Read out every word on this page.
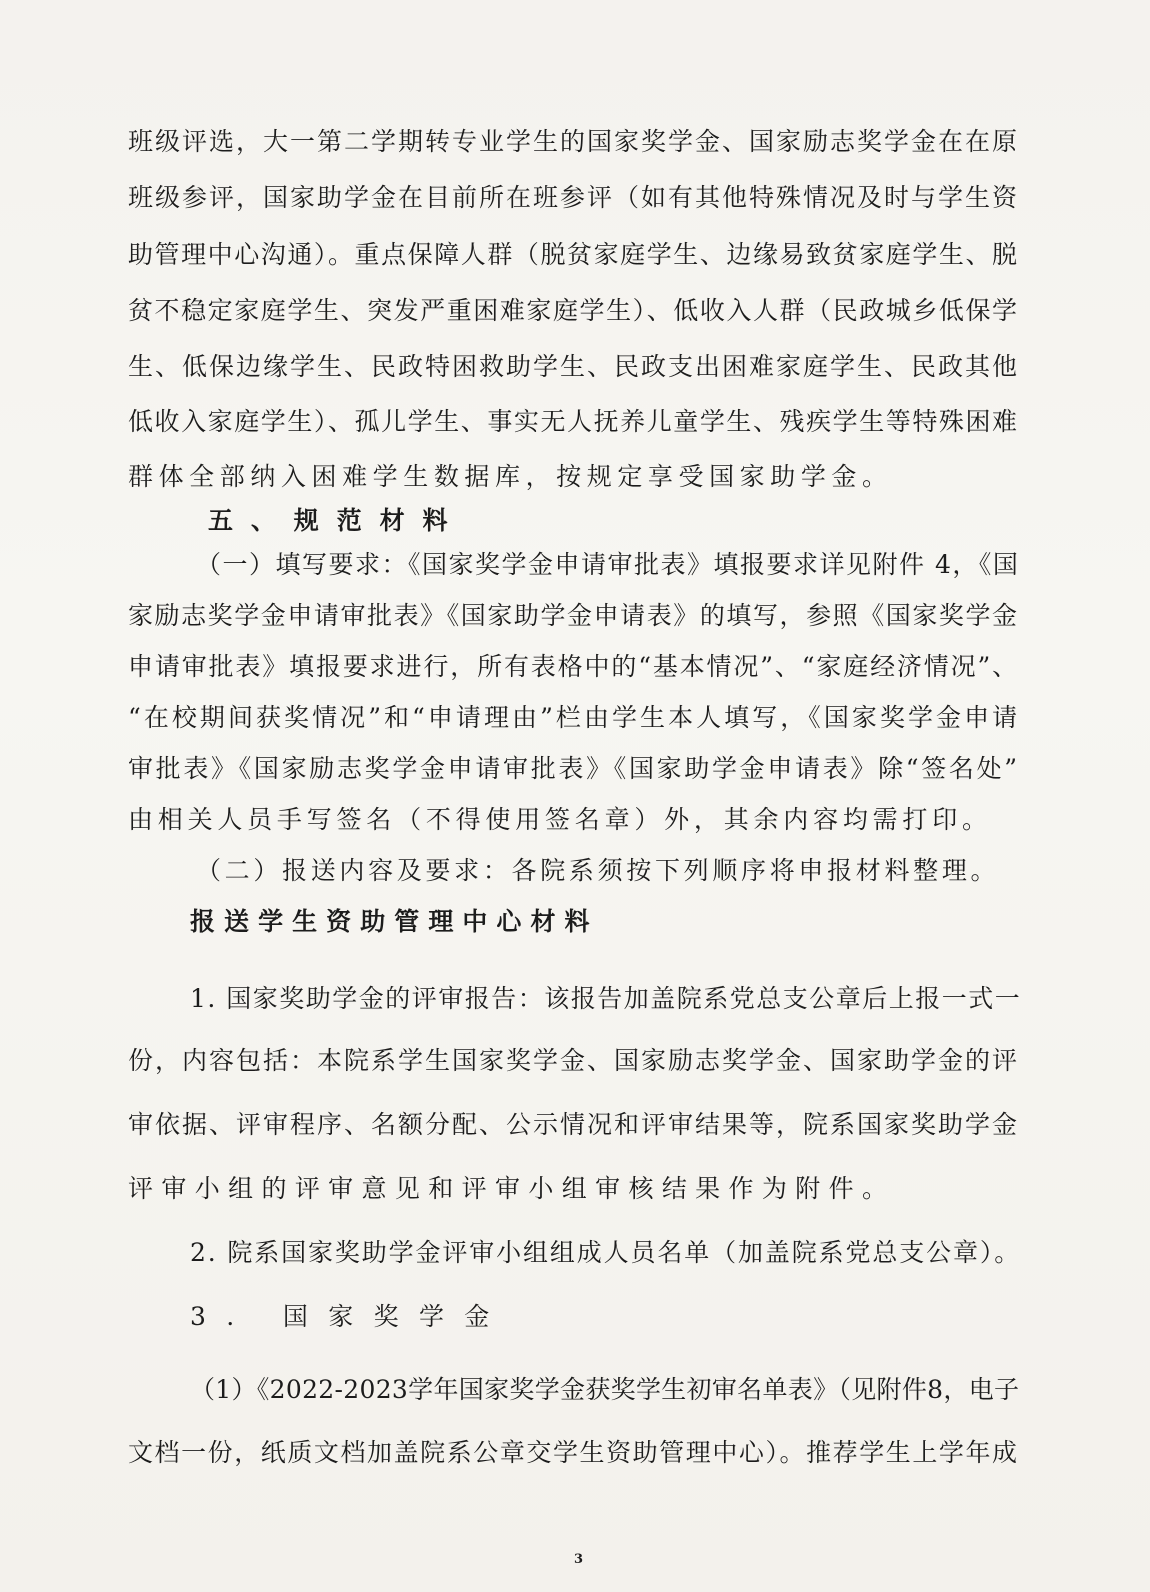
班级评选，大一第二学期转专业学生的国家奖学金、国家励志奖学金在在原
班级参评，国家助学金在目前所在班参评（如有其他特殊情况及时与学生资
助管理中心沟通）。重点保障人群（脱贫家庭学生、边缘易致贫家庭学生、脱
贫不稳定家庭学生、突发严重困难家庭学生）、低收入人群（民政城乡低保学
生、低保边缘学生、民政特困救助学生、民政支出困难家庭学生、民政其他
低收入家庭学生）、孤儿学生、事实无人抚养儿童学生、残疾学生等特殊困难
群体全部纳入困难学生数据库，按规定享受国家助学金。
五、规范材料
（一）填写要求：《国家奖学金申请审批表》填报要求详见附件 4，《国
家励志奖学金申请审批表》《国家助学金申请表》的填写，参照《国家奖学金
申请审批表》填报要求进行，所有表格中的“基本情况”、“家庭经济情况”、
“在校期间获奖情况”和“申请理由”栏由学生本人填写，《国家奖学金申请
审批表》《国家励志奖学金申请审批表》《国家助学金申请表》除“签名处”
由相关人员手写签名（不得使用签名章）外，其余内容均需打印。
（二）报送内容及要求：各院系须按下列顺序将申报材料整理。
报送学生资助管理中心材料
1. 国家奖助学金的评审报告：该报告加盖院系党总支公章后上报一式一
份，内容包括：本院系学生国家奖学金、国家励志奖学金、国家助学金的评
审依据、评审程序、名额分配、公示情况和评审结果等，院系国家奖助学金
评审小组的评审意见和评审小组审核结果作为附件。
2. 院系国家奖助学金评审小组组成人员名单（加盖院系党总支公章）。
3. 国家奖学金
（1）《2022-2023学年国家奖学金获奖学生初审名单表》（见附件8，电子
文档一份，纸质文档加盖院系公章交学生资助管理中心）。推荐学生上学年成
3
